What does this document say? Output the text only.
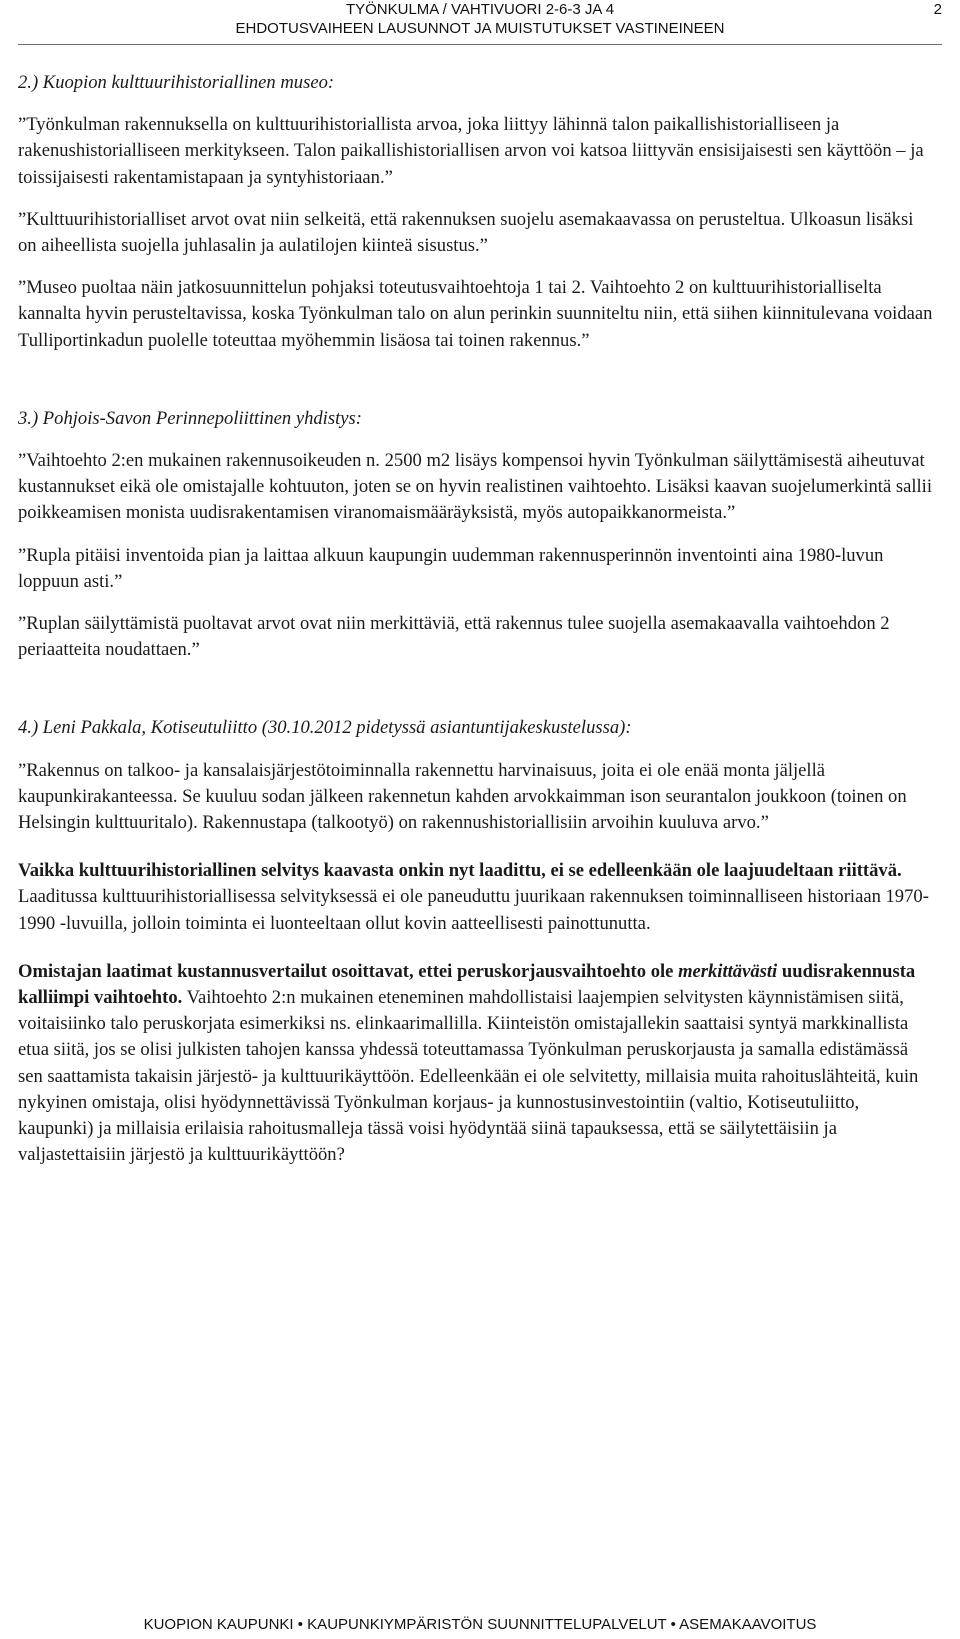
TYÖNKULMA / VAHTIVUORI 2-6-3 JA 4
EHDOTUSVAIHEEN LAUSUNNOT JA MUISTUTUKSET VASTINEINEEN
2

2.) Kuopion kulttuurihistoriallinen museo:

”Työnkulman rakennuksella on kulttuurihistoriallista arvoa, joka liittyy lähinnä talon paikallishistorialliseen ja rakenushistorialliseen merkitykseen. Talon paikallishistoriallisen arvon voi katsoa liittyvän ensisijaisesti sen käyttöön – ja toissijaisesti rakentamistapaan ja syntyhistoriaan.”

”Kulttuurihistorialliset arvot ovat niin selkeitä, että rakennuksen suojelu asemakaavassa on perusteltua. Ulkoasun lisäksi on aiheellista suojella juhlasalin ja aulatilojen kiinteä sisustus.”

”Museo puoltaa näin jatkosuunnittelun pohjaksi toteutusvaihtoehtoja 1 tai 2. Vaihtoehto 2 on kulttuurihistorialliselta kannalta hyvin perusteltavissa, koska Työnkulman talo on alun perinkin suunniteltu niin, että siihen kiinnitulevana voidaan Tulliportinkadun puolelle toteuttaa myöhemmin lisäosa tai toinen rakennus.”

3.) Pohjois-Savon Perinnepoliittinen yhdistys:

”Vaihtoehto 2:en mukainen rakennusoikeuden n. 2500 m2 lisäys kompensoi hyvin Työnkulman säilyttämisestä aiheutuvat kustannukset eikä ole omistajalle kohtuuton, joten se on hyvin realistinen vaihtoehto. Lisäksi kaavan suojelumerkintä sallii poikkeamisen monista uudisrakentamisen viranomaismääräyksistä, myös autopaikkanormeista.”

”Rupla pitäisi inventoida pian ja laittaa alkuun kaupungin uudemman rakennusperinnön inventointi aina 1980-luvun loppuun asti.”

”Ruplan säilyttämistä puoltavat arvot ovat niin merkittäviä, että rakennus tulee suojella asemakaavalla vaihtoehdon 2 periaatteita noudattaen.”

4.) Leni Pakkala, Kotiseutuliitto (30.10.2012 pidetyssä asiantuntijakeskustelussa):

”Rakennus on talkoo- ja kansalaisjärjestötoiminnalla rakennettu harvinaisuus, joita ei ole enää monta jäljellä kaupunkirakanteessa. Se kuuluu sodan jälkeen rakennetun kahden arvokkaimman ison seurantalon joukkoon (toinen on Helsingin kulttuuritalo). Rakennustapa (talkootyö) on rakennushistoriallisiin arvoihin kuuluva arvo.”

Vaikka kulttuurihistoriallinen selvitys kaavasta onkin nyt laadittu, ei se edelleenkään ole laajuudeltaan riittävä. Laaditussa kulttuurihistoriallisessa selvityksessä ei ole paneuduttu juurikaan rakennuksen toiminnalliseen historiaan 1970-1990 -luvuilla, jolloin toiminta ei luonteeltaan ollut kovin aatteellisesti painottunutta.

Omistajan laatimat kustannusvertailut osoittavat, ettei peruskorjausvaihtoehto ole merkittävästi uudisrakennusta kalliimpi vaihtoehto. Vaihtoehto 2:n mukainen eteneminen mahdollistaisi laajempien selvitysten käynnistämisen siitä, voitaisiinko talo peruskorjata esimerkiksi ns. elinkaarimallilla. Kiinteistön omistajallekin saattaisi syntyä markkinallista etua siitä, jos se olisi julkisten tahojen kanssa yhdessä toteuttamassa Työnkulman peruskorjausta ja samalla edistämässä sen saattamista takaisin järjestö- ja kulttuurikäyttöön. Edelleenkään ei ole selvitetty, millaisia muita rahoituslähteitä, kuin nykyinen omistaja, olisi hyödynnettävissä Työnkulman korjaus- ja kunnostusinvestointiin (valtio, Kotiseutuliitto, kaupunki) ja millaisia erilaisia rahoitusmalleja tässä voisi hyödyntää siinä tapauksessa, että se säilytettäisiin ja valjastettaisiin järjestö ja kulttuurikäyttöön?

KUOPION KAUPUNKI • KAUPUNKIYMPÄRISTÖN SUUNNITTELUPALVELUT • ASEMAKAAVOITUS
